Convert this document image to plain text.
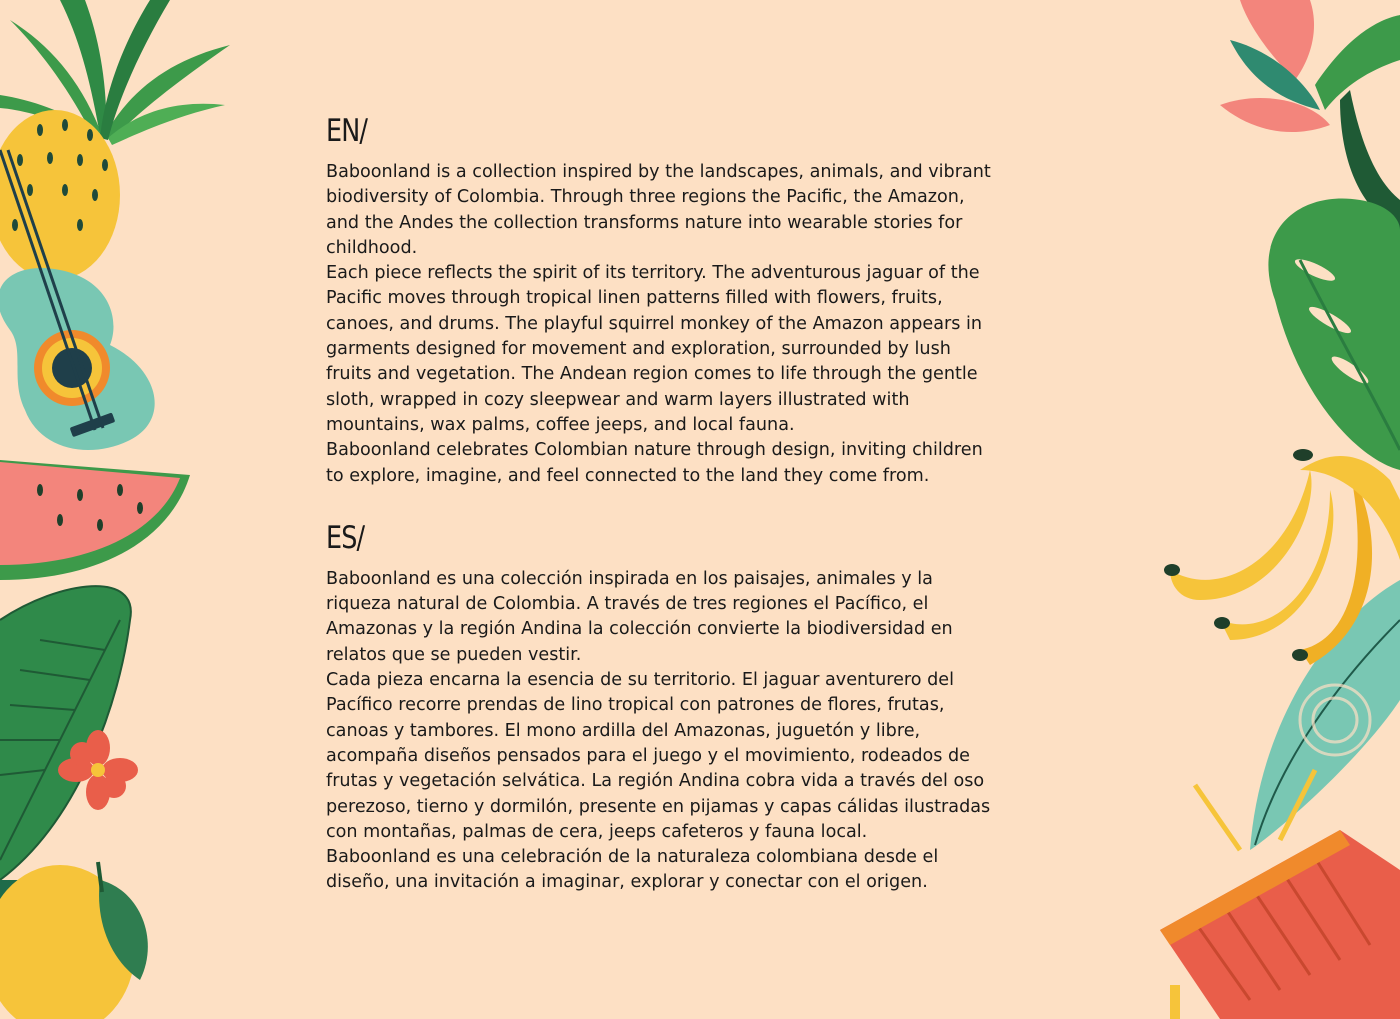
EN/

Baboonland is a collection inspired by the landscapes, animals, and vibrant
biodiversity of Colombia. Through three regions the Pacific, the Amazon,
and the Andes the collection transforms nature into wearable stories for
childhood.

Each piece reflects the spirit of its territory. The adventurous jaguar of the
Pacific moves through tropical linen patterns filled with flowers, fruits,
canoes, and drums. The playful squirrel monkey of the Amazon appears in
garments designed for movement and exploration, surrounded by lush
fruits and vegetation. The Andean region comes to life through the gentle
sloth, wrapped in cozy sleepwear and warm layers illustrated with
mountains, wax palms, coffee jeeps, and local fauna.

Baboonland celebrates Colombian nature through design, inviting children
to explore, imagine, and feel connected to the land they come from.

ES/

Baboonland es una colección inspirada en los paisajes, animales y la
riqueza natural de Colombia. A través de tres regiones el Pacífico, el
Amazonas y la región Andina la colección convierte la biodiversidad en
relatos que se pueden vestir.

Cada pieza encarna la esencia de su territorio. El jaguar aventurero del
Pacífico recorre prendas de lino tropical con patrones de flores, frutas,
canoas y tambores. El mono ardilla del Amazonas, juguetón y libre,
acompaña diseños pensados para el juego y el movimiento, rodeados de
frutas y vegetación selvática. La región Andina cobra vida a través del oso
perezoso, tierno y dormilón, presente en pijamas y capas cálidas ilustradas
con montañas, palmas de cera, jeeps cafeteros y fauna local.

Baboonland es una celebración de la naturaleza colombiana desde el
diseño, una invitación a imaginar, explorar y conectar con el origen.
